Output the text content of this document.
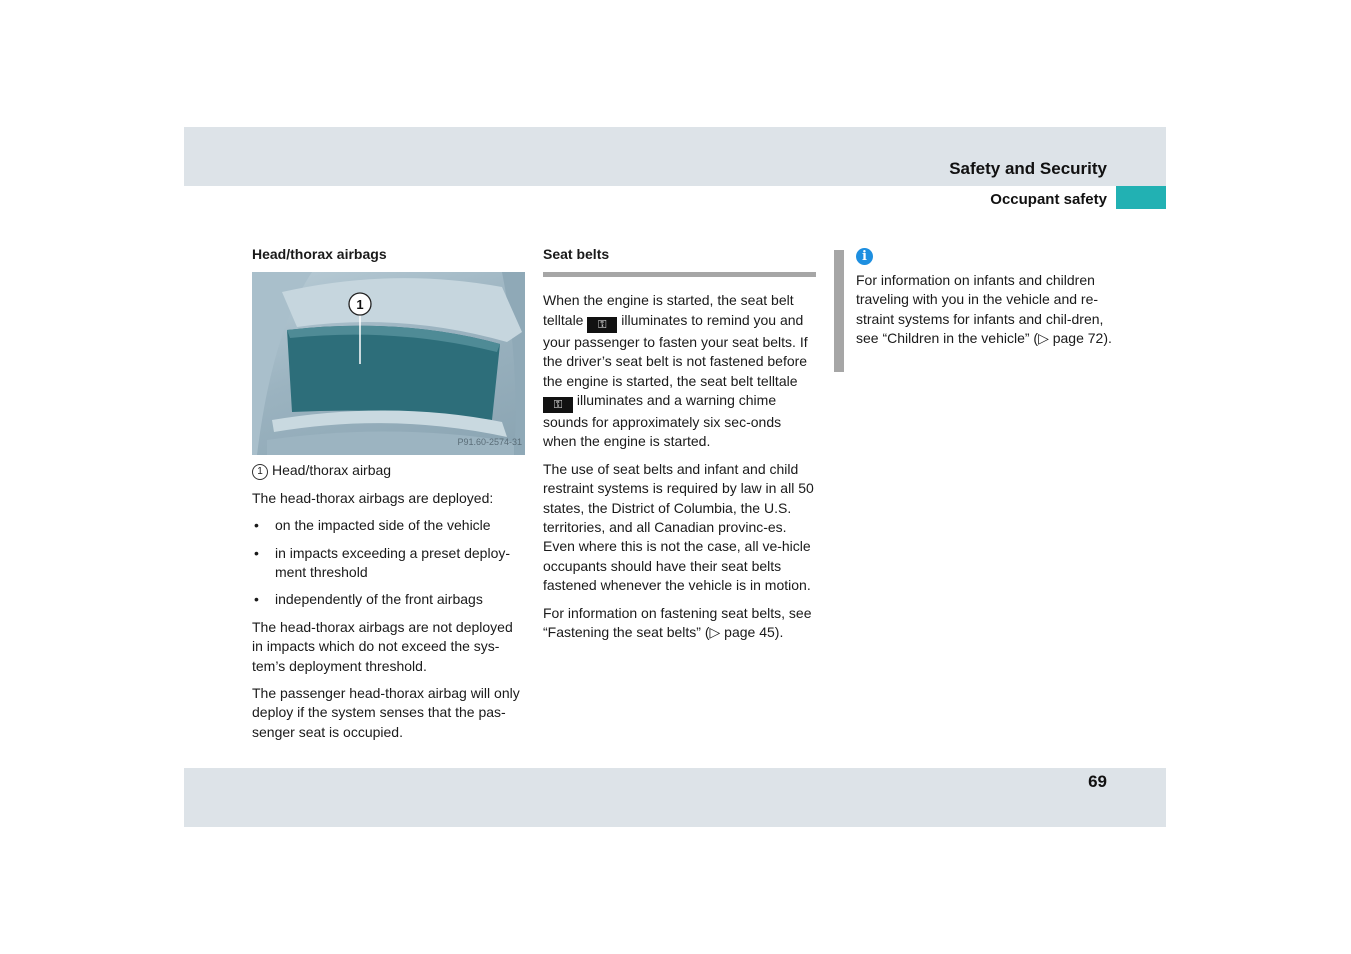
Safety and Security
Occupant safety

Head/thorax airbags

1
P91.60-2574-31

1 Head/thorax airbag

The head-thorax airbags are deployed:

• on the impacted side of the vehicle
• in impacts exceeding a preset deploy-ment threshold
• independently of the front airbags

The head-thorax airbags are not deployed in impacts which do not exceed the sys-tem’s deployment threshold.

The passenger head-thorax airbag will only deploy if the system senses that the pas-senger seat is occupied.

Seat belts

When the engine is started, the seat belt telltale ⚿ illuminates to remind you and your passenger to fasten your seat belts. If the driver’s seat belt is not fastened before the engine is started, the seat belt telltale ⚿ illuminates and a warning chime sounds for approximately six sec-onds when the engine is started.

The use of seat belts and infant and child restraint systems is required by law in all 50 states, the District of Columbia, the U.S. territories, and all Canadian provinc-es. Even where this is not the case, all ve-hicle occupants should have their seat belts fastened whenever the vehicle is in motion.

For information on fastening seat belts, see “Fastening the seat belts” (▷ page 45).

i

For information on infants and children traveling with you in the vehicle and re-straint systems for infants and chil-dren, see “Children in the vehicle” (▷ page 72).

69
